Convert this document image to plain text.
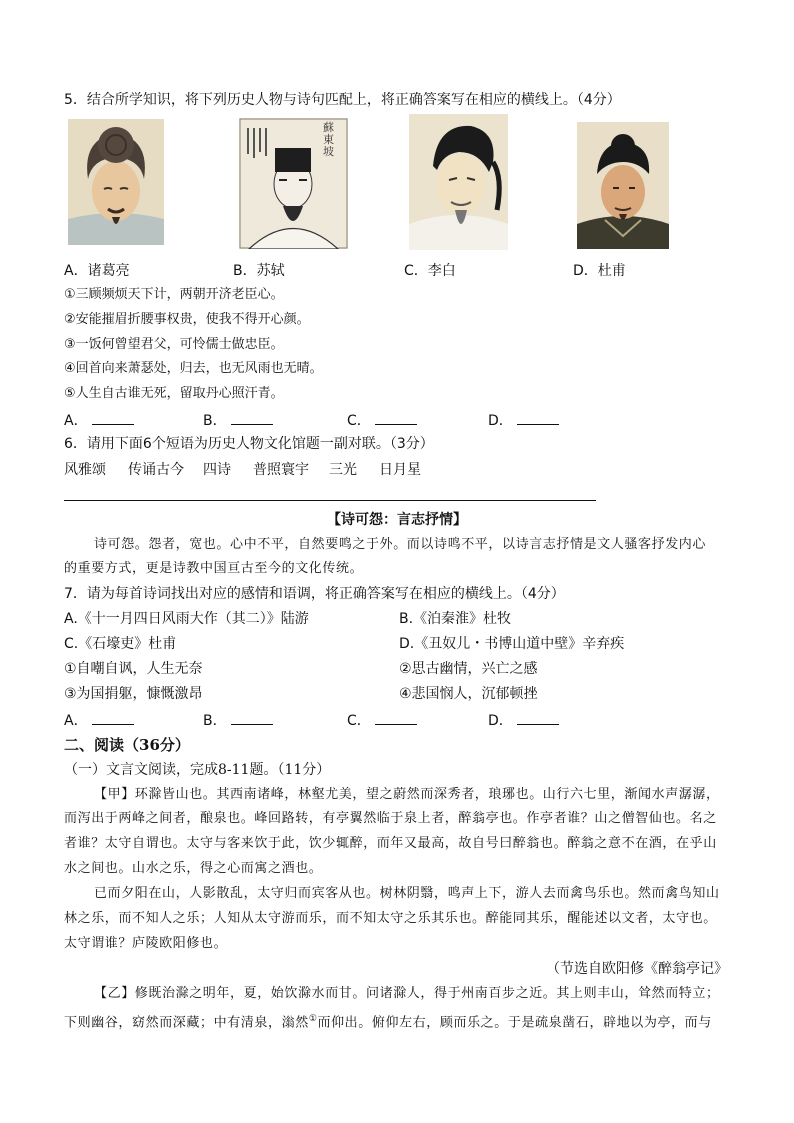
5．结合所学知识，将下列历史人物与诗句匹配上，将正确答案写在相应的横线上。（4分）
蘇東坡
A．诸葛亮	B．苏轼	C．李白	D．杜甫
①三顾频烦天下计，两朝开济老臣心。
②安能摧眉折腰事权贵，使我不得开心颜。
③一饭何曾望君父，可怜儒士做忠臣。
④回首向来萧瑟处，归去，也无风雨也无晴。
⑤人生自古谁无死，留取丹心照汗青。
A．	B．	C．	D．
6．请用下面6个短语为历史人物文化馆题一副对联。（3分）
风雅颂 传诵古今 四诗 普照寰宇 三光 日月星
【诗可怨：言志抒情】
诗可怨。怨者，宽也。心中不平，自然要鸣之于外。而以诗鸣不平，以诗言志抒情是文人骚客抒发内心
的重要方式，更是诗教中国亘古至今的文化传统。
7．请为每首诗词找出对应的感情和语调，将正确答案写在相应的横线上。（4分）
A.《十一月四日风雨大作（其二）》陆游	B.《泊秦淮》杜牧
C.《石壕吏》杜甫	D.《丑奴儿・书博山道中壁》辛弃疾
①自嘲自讽，人生无奈	②思古幽情，兴亡之感
③为国捐躯，慷慨激昂	④悲国悯人，沉郁顿挫
A．	B．	C．	D．
二、阅读（36分）
（一）文言文阅读，完成8-11题。（11分）
【甲】环滁皆山也。其西南诸峰，林壑尤美，望之蔚然而深秀者，琅琊也。山行六七里，渐闻水声潺潺，
而泻出于两峰之间者，酿泉也。峰回路转，有亭翼然临于泉上者，醉翁亭也。作亭者谁？山之僧智仙也。名之
者谁？太守自谓也。太守与客来饮于此，饮少辄醉，而年又最高，故自号曰醉翁也。醉翁之意不在酒，在乎山
水之间也。山水之乐，得之心而寓之酒也。
已而夕阳在山，人影散乱，太守归而宾客从也。树林阴翳，鸣声上下，游人去而禽鸟乐也。然而禽鸟知山
林之乐，而不知人之乐；人知从太守游而乐，而不知太守之乐其乐也。醉能同其乐，醒能述以文者，太守也。
太守谓谁？庐陵欧阳修也。
（节选自欧阳修《醉翁亭记》
【乙】修既治滁之明年，夏，始饮滁水而甘。问诸滁人，得于州南百步之近。其上则丰山，耸然而特立；
下则幽谷，窈然而深藏；中有清泉，滃然①而仰出。俯仰左右，顾而乐之。于是疏泉凿石，辟地以为亭，而与
